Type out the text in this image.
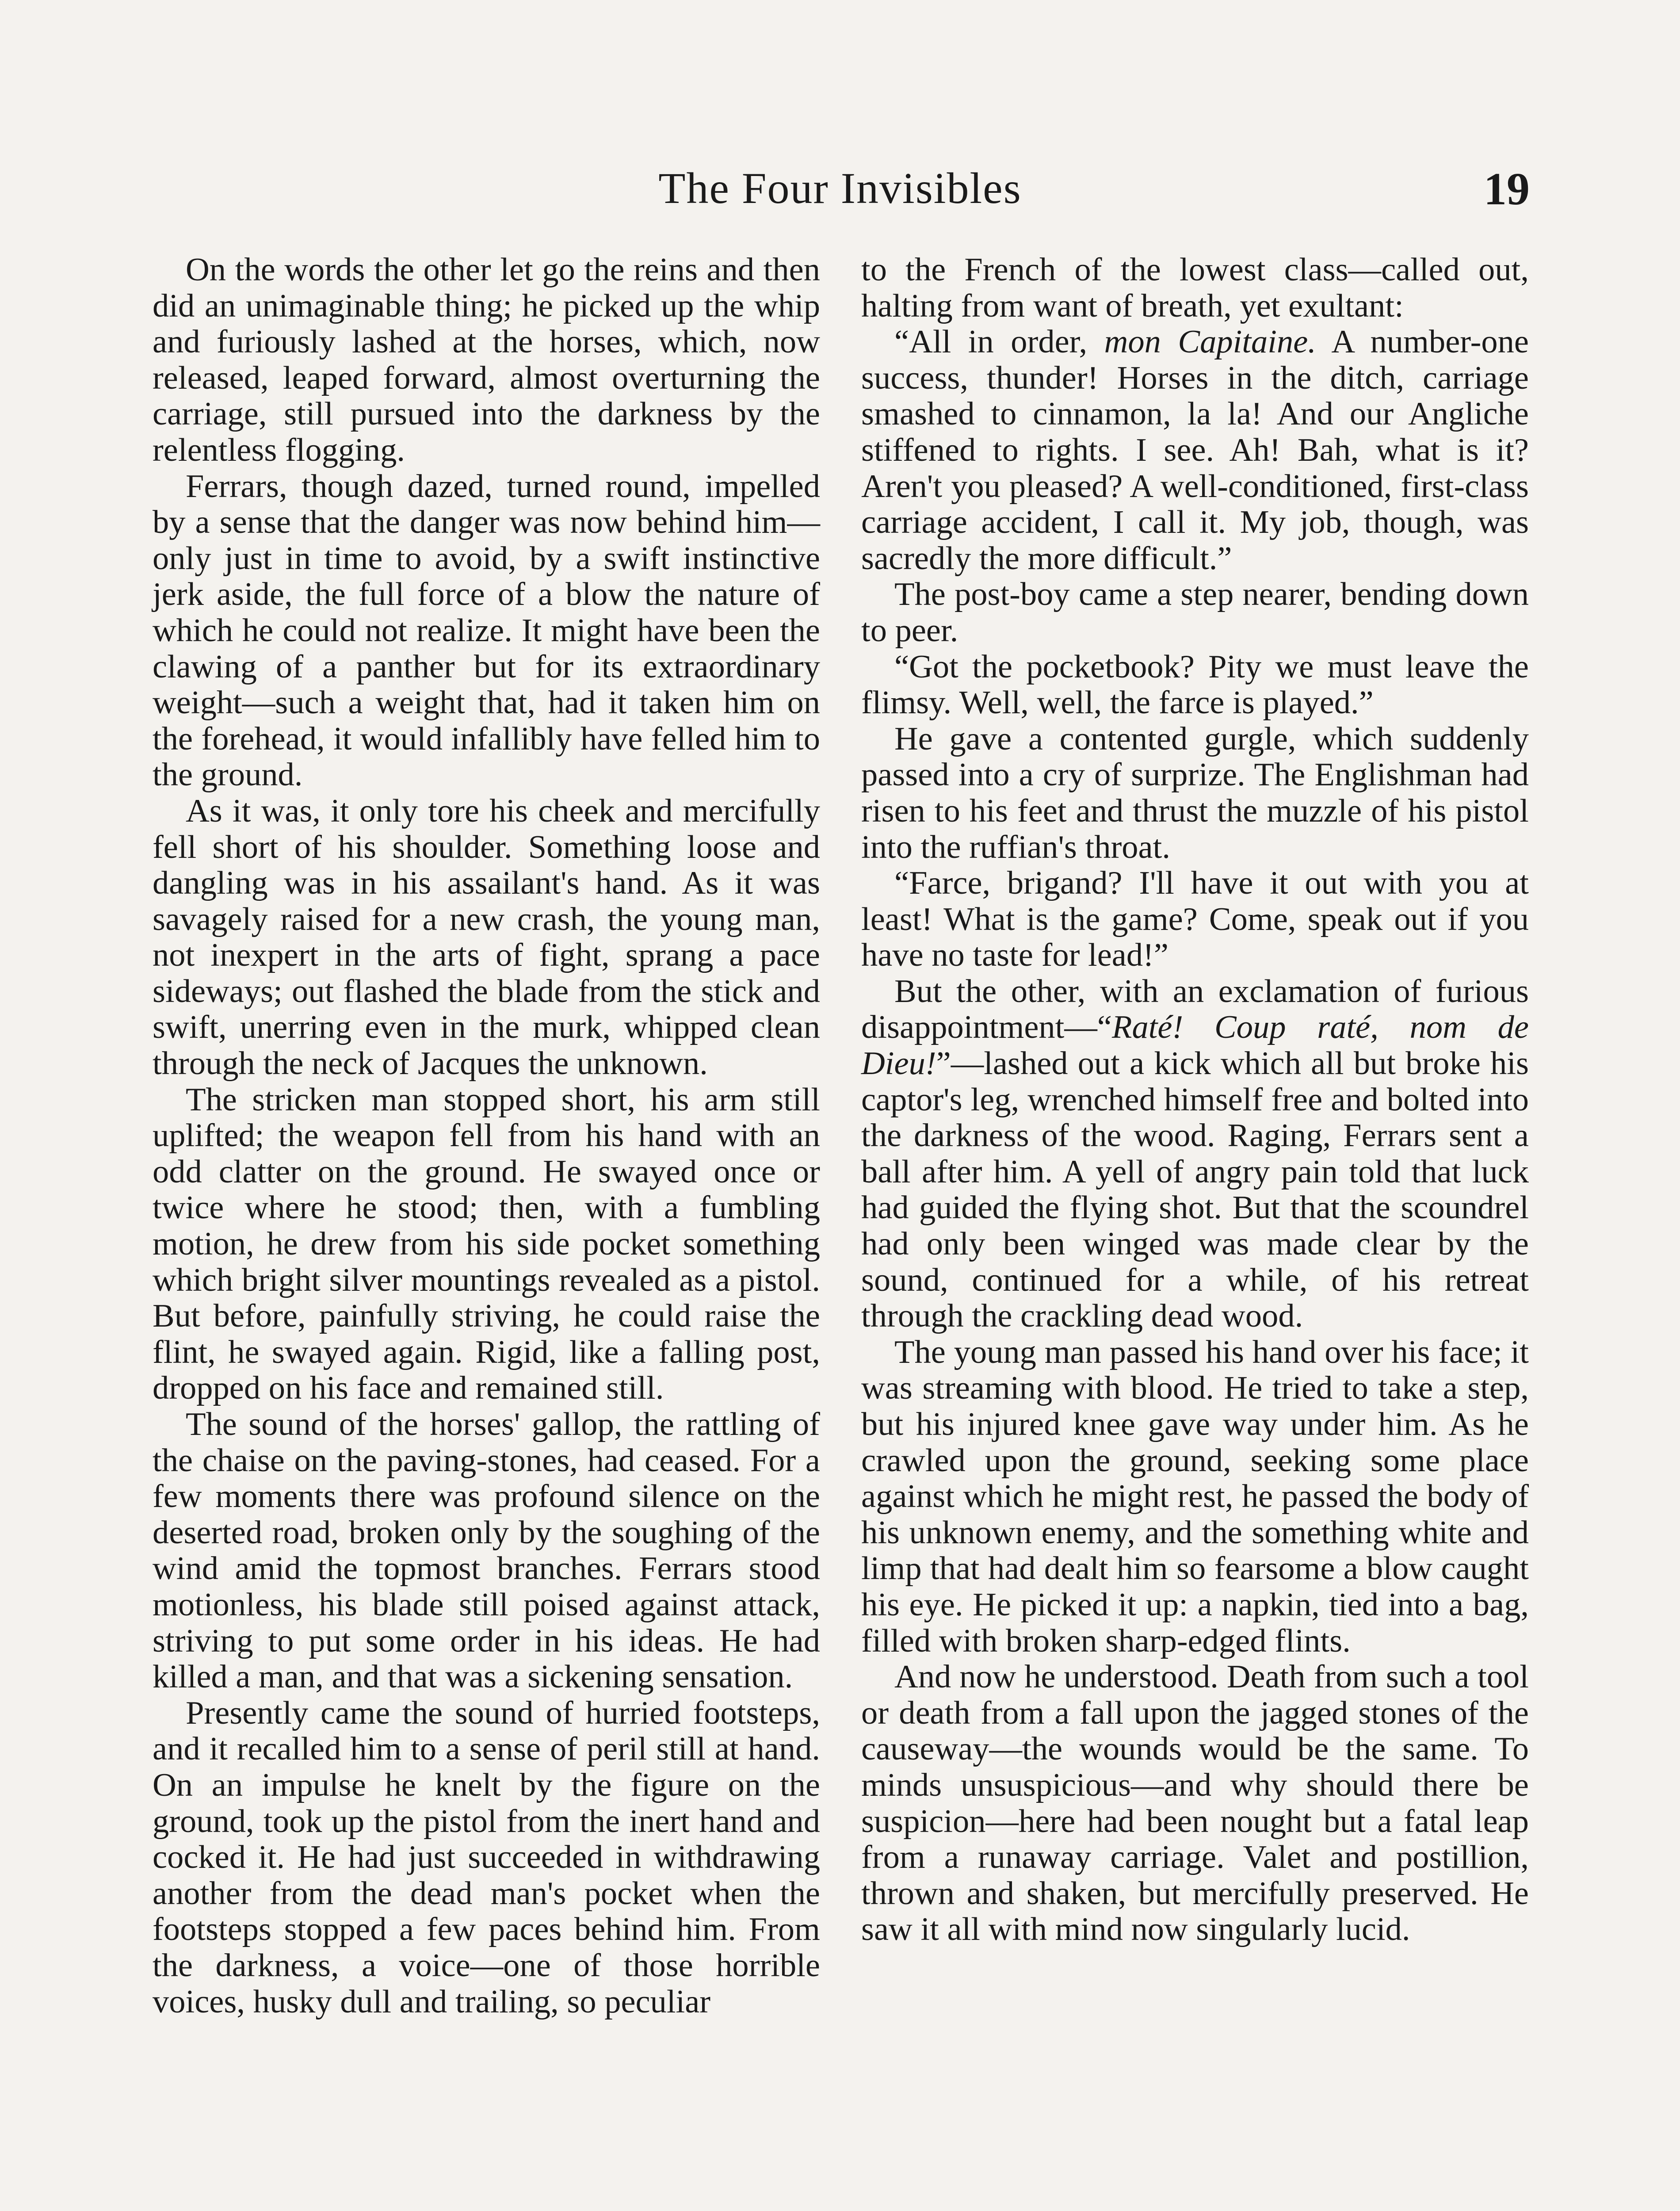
The Four Invisibles	19

On the words the other let go the reins and then did an unimaginable thing; he picked up the whip and furiously lashed at the horses, which, now released, leaped forward, almost overturning the carriage, still pursued into the darkness by the relentless flogging.

Ferrars, though dazed, turned round, impelled by a sense that the danger was now behind him—only just in time to avoid, by a swift instinctive jerk aside, the full force of a blow the nature of which he could not realize. It might have been the clawing of a panther but for its extraordinary weight—such a weight that, had it taken him on the forehead, it would infallibly have felled him to the ground.

As it was, it only tore his cheek and mercifully fell short of his shoulder. Something loose and dangling was in his assailant's hand. As it was savagely raised for a new crash, the young man, not inexpert in the arts of fight, sprang a pace sideways; out flashed the blade from the stick and swift, unerring even in the murk, whipped clean through the neck of Jacques the unknown.

The stricken man stopped short, his arm still uplifted; the weapon fell from his hand with an odd clatter on the ground. He swayed once or twice where he stood; then, with a fumbling motion, he drew from his side pocket something which bright silver mountings revealed as a pistol. But before, painfully striving, he could raise the flint, he swayed again. Rigid, like a falling post, dropped on his face and remained still.

The sound of the horses' gallop, the rattling of the chaise on the paving-stones, had ceased. For a few moments there was profound silence on the deserted road, broken only by the soughing of the wind amid the topmost branches. Ferrars stood motionless, his blade still poised against attack, striving to put some order in his ideas. He had killed a man, and that was a sickening sensation.

Presently came the sound of hurried footsteps, and it recalled him to a sense of peril still at hand. On an impulse he knelt by the figure on the ground, took up the pistol from the inert hand and cocked it. He had just succeeded in withdrawing another from the dead man's pocket when the footsteps stopped a few paces behind him. From the darkness, a voice—one of those horrible voices, husky dull and trailing, so peculiar

to the French of the lowest class—called out, halting from want of breath, yet exultant:

“All in order, mon Capitaine. A number-one success, thunder! Horses in the ditch, carriage smashed to cinnamon, la la! And our Angliche stiffened to rights. I see. Ah! Bah, what is it? Aren't you pleased? A well-conditioned, first-class carriage accident, I call it. My job, though, was sacredly the more difficult.”

The post-boy came a step nearer, bending down to peer.

“Got the pocketbook? Pity we must leave the flimsy. Well, well, the farce is played.”

He gave a contented gurgle, which suddenly passed into a cry of surprize. The Englishman had risen to his feet and thrust the muzzle of his pistol into the ruffian's throat.

“Farce, brigand? I'll have it out with you at least! What is the game? Come, speak out if you have no taste for lead!”

But the other, with an exclamation of furious disappointment—“Raté! Coup raté, nom de Dieu!”—lashed out a kick which all but broke his captor's leg, wrenched himself free and bolted into the darkness of the wood. Raging, Ferrars sent a ball after him. A yell of angry pain told that luck had guided the flying shot. But that the scoundrel had only been winged was made clear by the sound, continued for a while, of his retreat through the crackling dead wood.

The young man passed his hand over his face; it was streaming with blood. He tried to take a step, but his injured knee gave way under him. As he crawled upon the ground, seeking some place against which he might rest, he passed the body of his unknown enemy, and the something white and limp that had dealt him so fearsome a blow caught his eye. He picked it up: a napkin, tied into a bag, filled with broken sharp-edged flints.

And now he understood. Death from such a tool or death from a fall upon the jagged stones of the causeway—the wounds would be the same. To minds unsuspicious—and why should there be suspicion—here had been nought but a fatal leap from a runaway carriage. Valet and postillion, thrown and shaken, but mercifully preserved. He saw it all with mind now singularly lucid.
